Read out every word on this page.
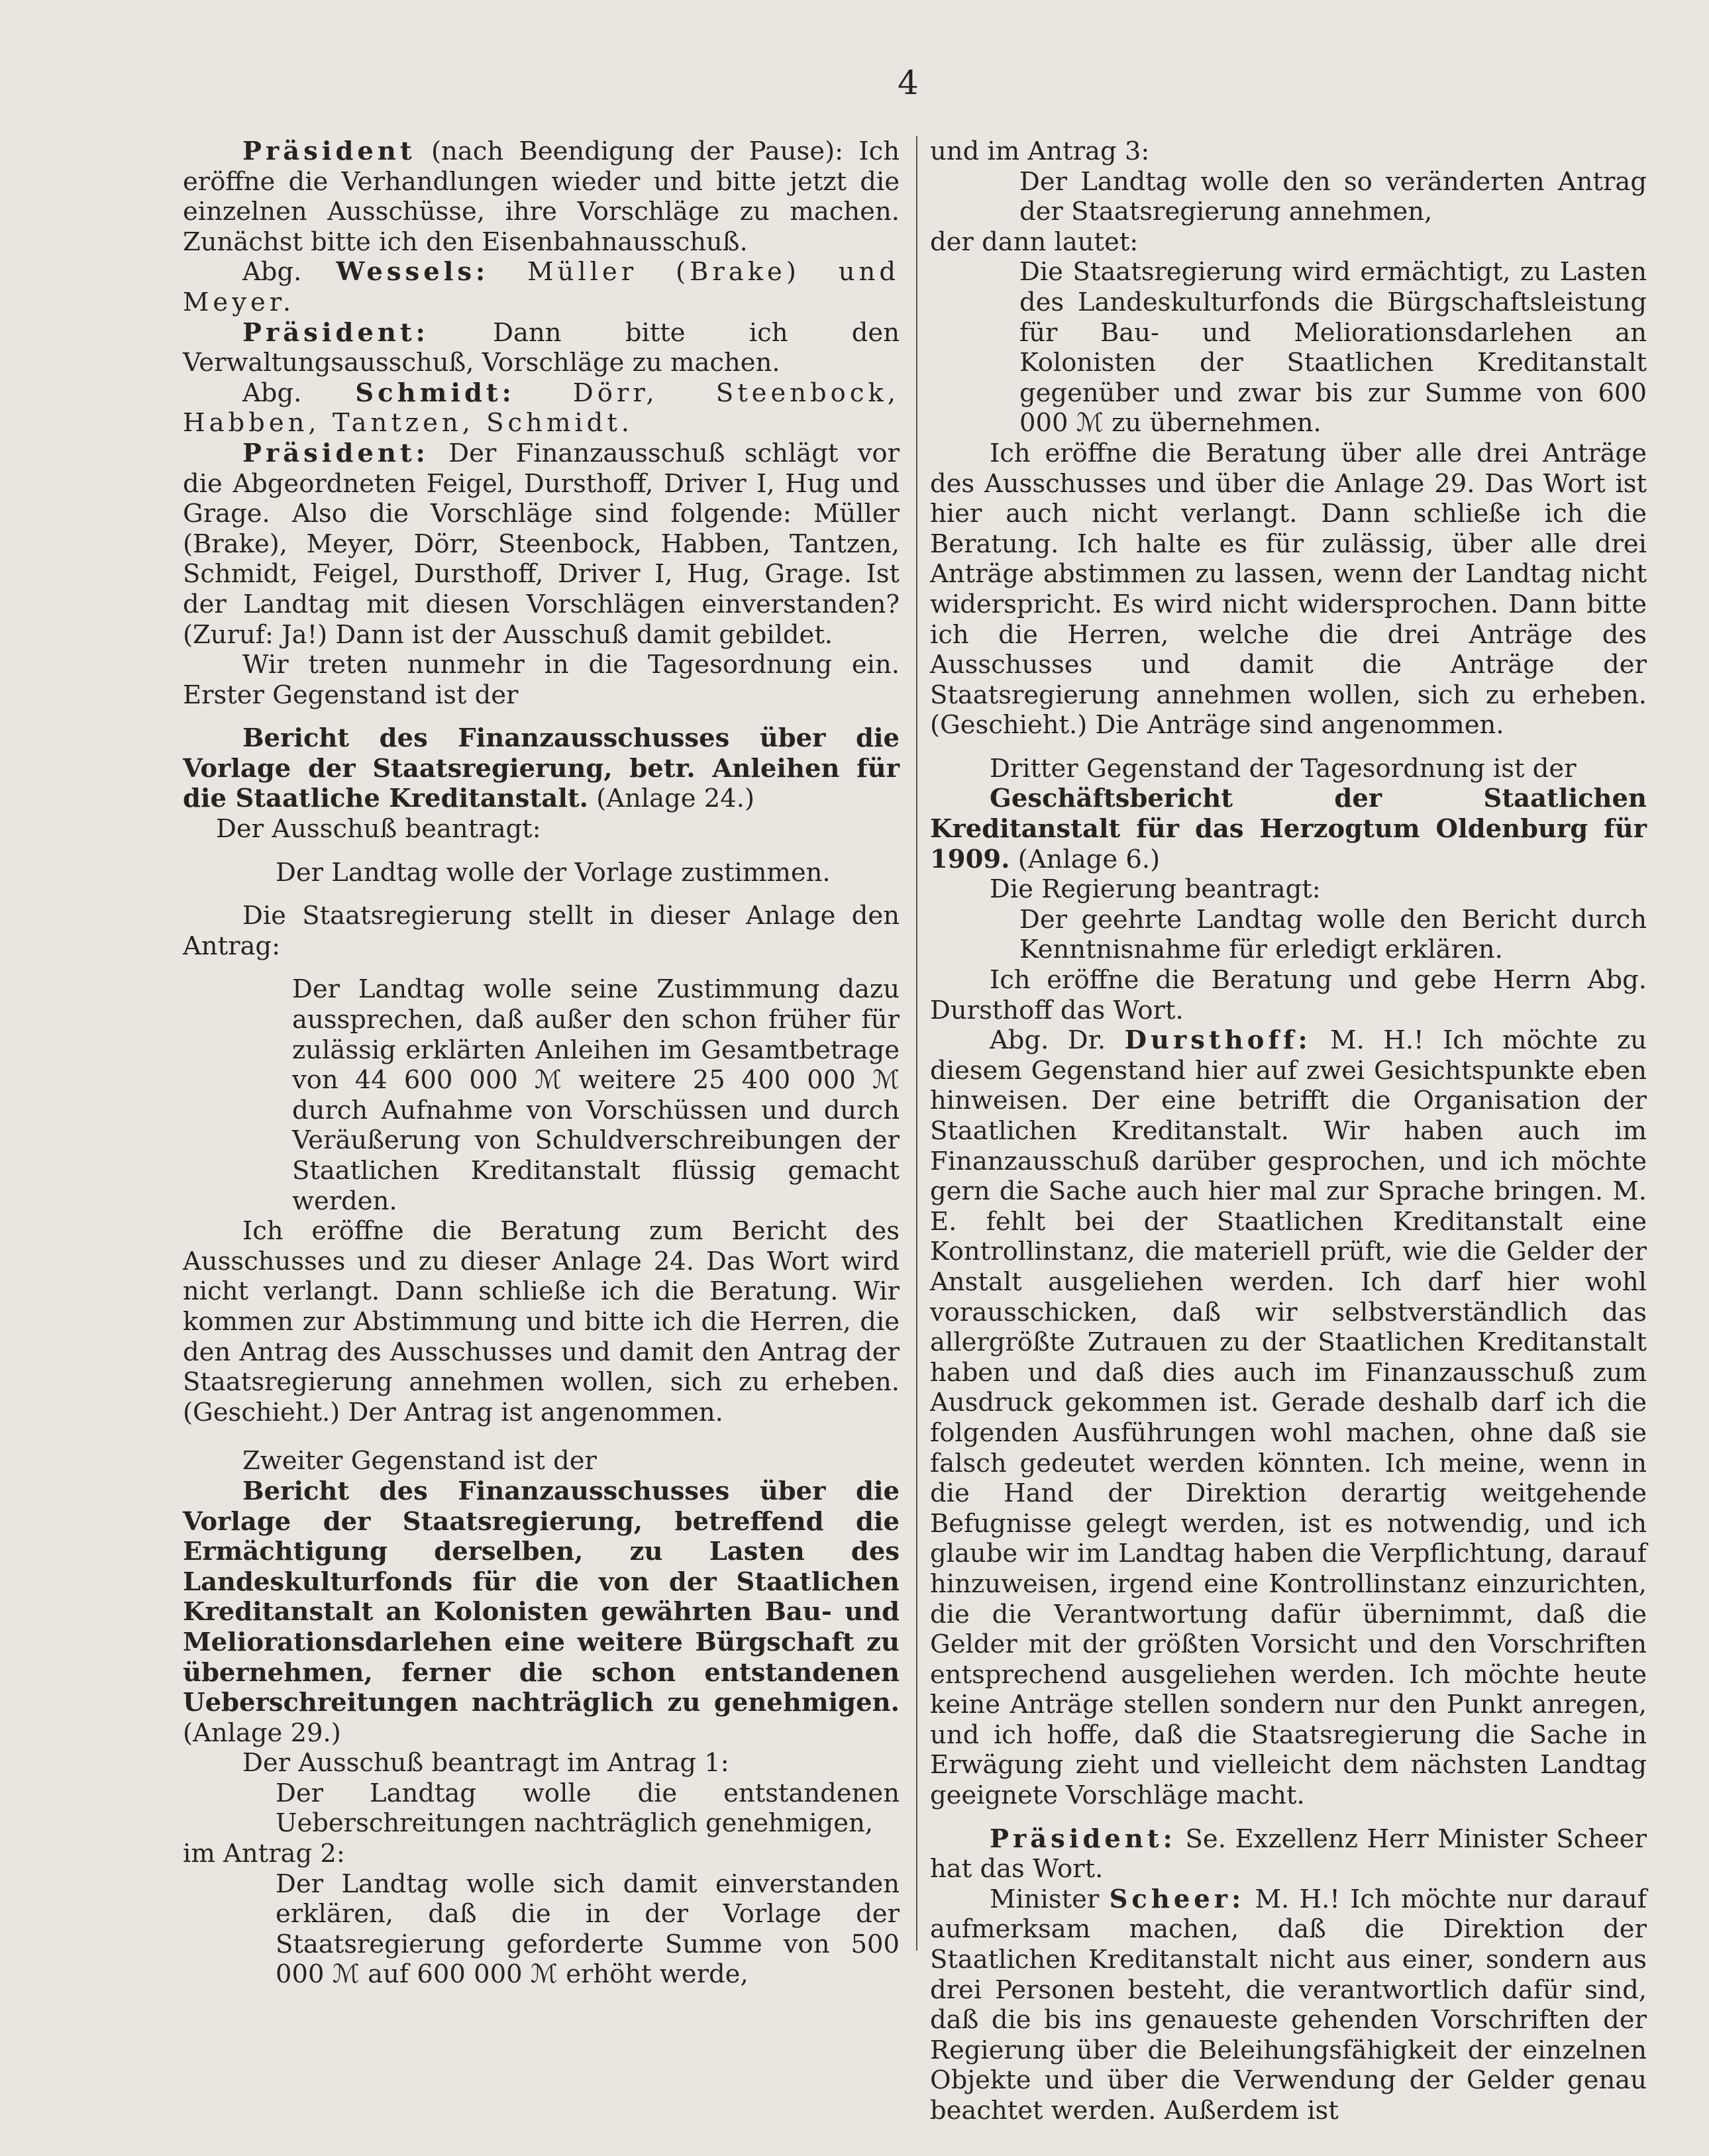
4

Präsident (nach Beendigung der Pause): Ich eröffne die Verhandlungen wieder und bitte jetzt die einzelnen Ausschüsse, ihre Vorschläge zu machen. Zunächst bitte ich den Eisenbahnausschuß.

Abg. Wessels: Müller (Brake) und Meyer.

Präsident: Dann bitte ich den Verwaltungsausschuß, Vorschläge zu machen.

Abg. Schmidt: Dörr, Steenbock, Habben, Tantzen, Schmidt.

Präsident: Der Finanzausschuß schlägt vor die Abgeordneten Feigel, Dursthoff, Driver I, Hug und Grage. Also die Vorschläge sind folgende: Müller (Brake), Meyer, Dörr, Steenbock, Habben, Tantzen, Schmidt, Feigel, Dursthoff, Driver I, Hug, Grage. Ist der Landtag mit diesen Vorschlägen einverstanden? (Zuruf: Ja!) Dann ist der Ausschuß damit gebildet.

Wir treten nunmehr in die Tagesordnung ein. Erster Gegenstand ist der

Bericht des Finanzausschusses über die Vorlage der Staatsregierung, betr. Anleihen für die Staatliche Kreditanstalt. (Anlage 24.)

Der Ausschuß beantragt:

Der Landtag wolle der Vorlage zustimmen.

Die Staatsregierung stellt in dieser Anlage den Antrag:

Der Landtag wolle seine Zustimmung dazu aussprechen, daß außer den schon früher für zulässig erklärten Anleihen im Gesamtbetrage von 44 600 000 ℳ weitere 25 400 000 ℳ durch Aufnahme von Vorschüssen und durch Veräußerung von Schuldverschreibungen der Staatlichen Kreditanstalt flüssig gemacht werden.

Ich eröffne die Beratung zum Bericht des Ausschusses und zu dieser Anlage 24. Das Wort wird nicht verlangt. Dann schließe ich die Beratung. Wir kommen zur Abstimmung und bitte ich die Herren, die den Antrag des Ausschusses und damit den Antrag der Staatsregierung annehmen wollen, sich zu erheben. (Geschieht.) Der Antrag ist angenommen.

Zweiter Gegenstand ist der

Bericht des Finanzausschusses über die Vorlage der Staatsregierung, betreffend die Ermächtigung derselben, zu Lasten des Landeskulturfonds für die von der Staatlichen Kreditanstalt an Kolonisten gewährten Bau- und Meliorationsdarlehen eine weitere Bürgschaft zu übernehmen, ferner die schon entstandenen Ueberschreitungen nachträglich zu genehmigen. (Anlage 29.)

Der Ausschuß beantragt im Antrag 1:

Der Landtag wolle die entstandenen Ueberschreitungen nachträglich genehmigen,

im Antrag 2:

Der Landtag wolle sich damit einverstanden erklären, daß die in der Vorlage der Staatsregierung geforderte Summe von 500 000 ℳ auf 600 000 ℳ erhöht werde,

und im Antrag 3:

Der Landtag wolle den so veränderten Antrag der Staatsregierung annehmen,

der dann lautet:

Die Staatsregierung wird ermächtigt, zu Lasten des Landeskulturfonds die Bürgschaftsleistung für Bau- und Meliorationsdarlehen an Kolonisten der Staatlichen Kreditanstalt gegenüber und zwar bis zur Summe von 600 000 ℳ zu übernehmen.

Ich eröffne die Beratung über alle drei Anträge des Ausschusses und über die Anlage 29. Das Wort ist hier auch nicht verlangt. Dann schließe ich die Beratung. Ich halte es für zulässig, über alle drei Anträge abstimmen zu lassen, wenn der Landtag nicht widerspricht. Es wird nicht widersprochen. Dann bitte ich die Herren, welche die drei Anträge des Ausschusses und damit die Anträge der Staatsregierung annehmen wollen, sich zu erheben. (Geschieht.) Die Anträge sind angenommen.

Dritter Gegenstand der Tagesordnung ist der

Geschäftsbericht der Staatlichen Kreditanstalt für das Herzogtum Oldenburg für 1909. (Anlage 6.)

Die Regierung beantragt:

Der geehrte Landtag wolle den Bericht durch Kenntnisnahme für erledigt erklären.

Ich eröffne die Beratung und gebe Herrn Abg. Dursthoff das Wort.

Abg. Dr. Dursthoff: M. H.! Ich möchte zu diesem Gegenstand hier auf zwei Gesichtspunkte eben hinweisen. Der eine betrifft die Organisation der Staatlichen Kreditanstalt. Wir haben auch im Finanzausschuß darüber gesprochen, und ich möchte gern die Sache auch hier mal zur Sprache bringen. M. E. fehlt bei der Staatlichen Kreditanstalt eine Kontrollinstanz, die materiell prüft, wie die Gelder der Anstalt ausgeliehen werden. Ich darf hier wohl vorausschicken, daß wir selbstverständlich das allergrößte Zutrauen zu der Staatlichen Kreditanstalt haben und daß dies auch im Finanzausschuß zum Ausdruck gekommen ist. Gerade deshalb darf ich die folgenden Ausführungen wohl machen, ohne daß sie falsch gedeutet werden könnten. Ich meine, wenn in die Hand der Direktion derartig weitgehende Befugnisse gelegt werden, ist es notwendig, und ich glaube wir im Landtag haben die Verpflichtung, darauf hinzuweisen, irgend eine Kontrollinstanz einzurichten, die die Verantwortung dafür übernimmt, daß die Gelder mit der größten Vorsicht und den Vorschriften entsprechend ausgeliehen werden. Ich möchte heute keine Anträge stellen sondern nur den Punkt anregen, und ich hoffe, daß die Staatsregierung die Sache in Erwägung zieht und vielleicht dem nächsten Landtag geeignete Vorschläge macht.

Präsident: Se. Exzellenz Herr Minister Scheer hat das Wort.

Minister Scheer: M. H.! Ich möchte nur darauf aufmerksam machen, daß die Direktion der Staatlichen Kreditanstalt nicht aus einer, sondern aus drei Personen besteht, die verantwortlich dafür sind, daß die bis ins genaueste gehenden Vorschriften der Regierung über die Beleihungsfähigkeit der einzelnen Objekte und über die Verwendung der Gelder genau beachtet werden. Außerdem ist
